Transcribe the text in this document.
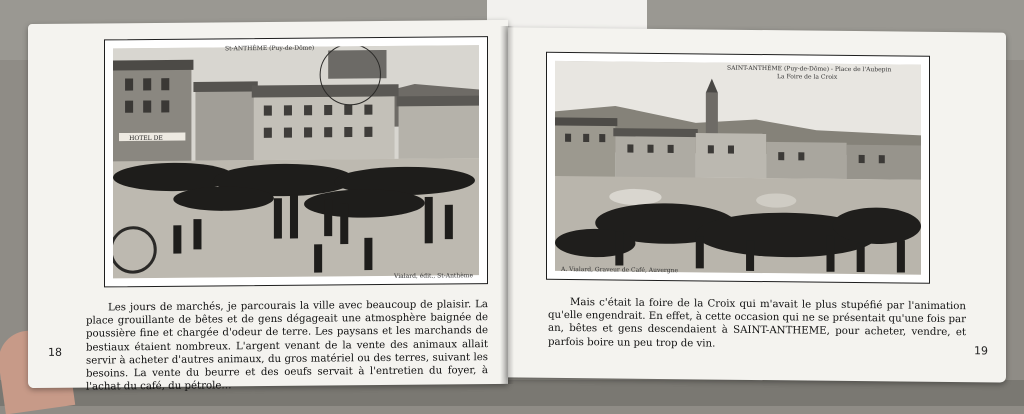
HOTEL DE
St-ANTHÈME (Puy-de-Dôme)
Vialard, édit., St-Anthème

Les jours de marchés, je parcourais la ville avec beaucoup de plaisir. La place grouillante de bêtes et de gens dégageait une atmosphère baignée de poussière fine et chargée d'odeur de terre. Les paysans et les marchands de bestiaux étaient nombreux. L'argent venant de la vente des animaux allait servir à acheter d'autres animaux, du gros matériel ou des terres, suivant les besoins. La vente du beurre et des oeufs servait à l'entretien du foyer, à l'achat du café, du pétrole…

18
SAINT-ANTHÈME (Puy-de-Dôme) - Place de l'Aubepin
La Foire de la Croix
A. Vialard, Graveur de Café, Auvergne

Mais c'était la foire de la Croix qui m'avait le plus stupéfié par l'animation qu'elle engendrait. En effet, à cette occasion qui ne se présentait qu'une fois par an, bêtes et gens descendaient à SAINT-ANTHEME, pour acheter, vendre, et parfois boire un peu trop de vin.

19
